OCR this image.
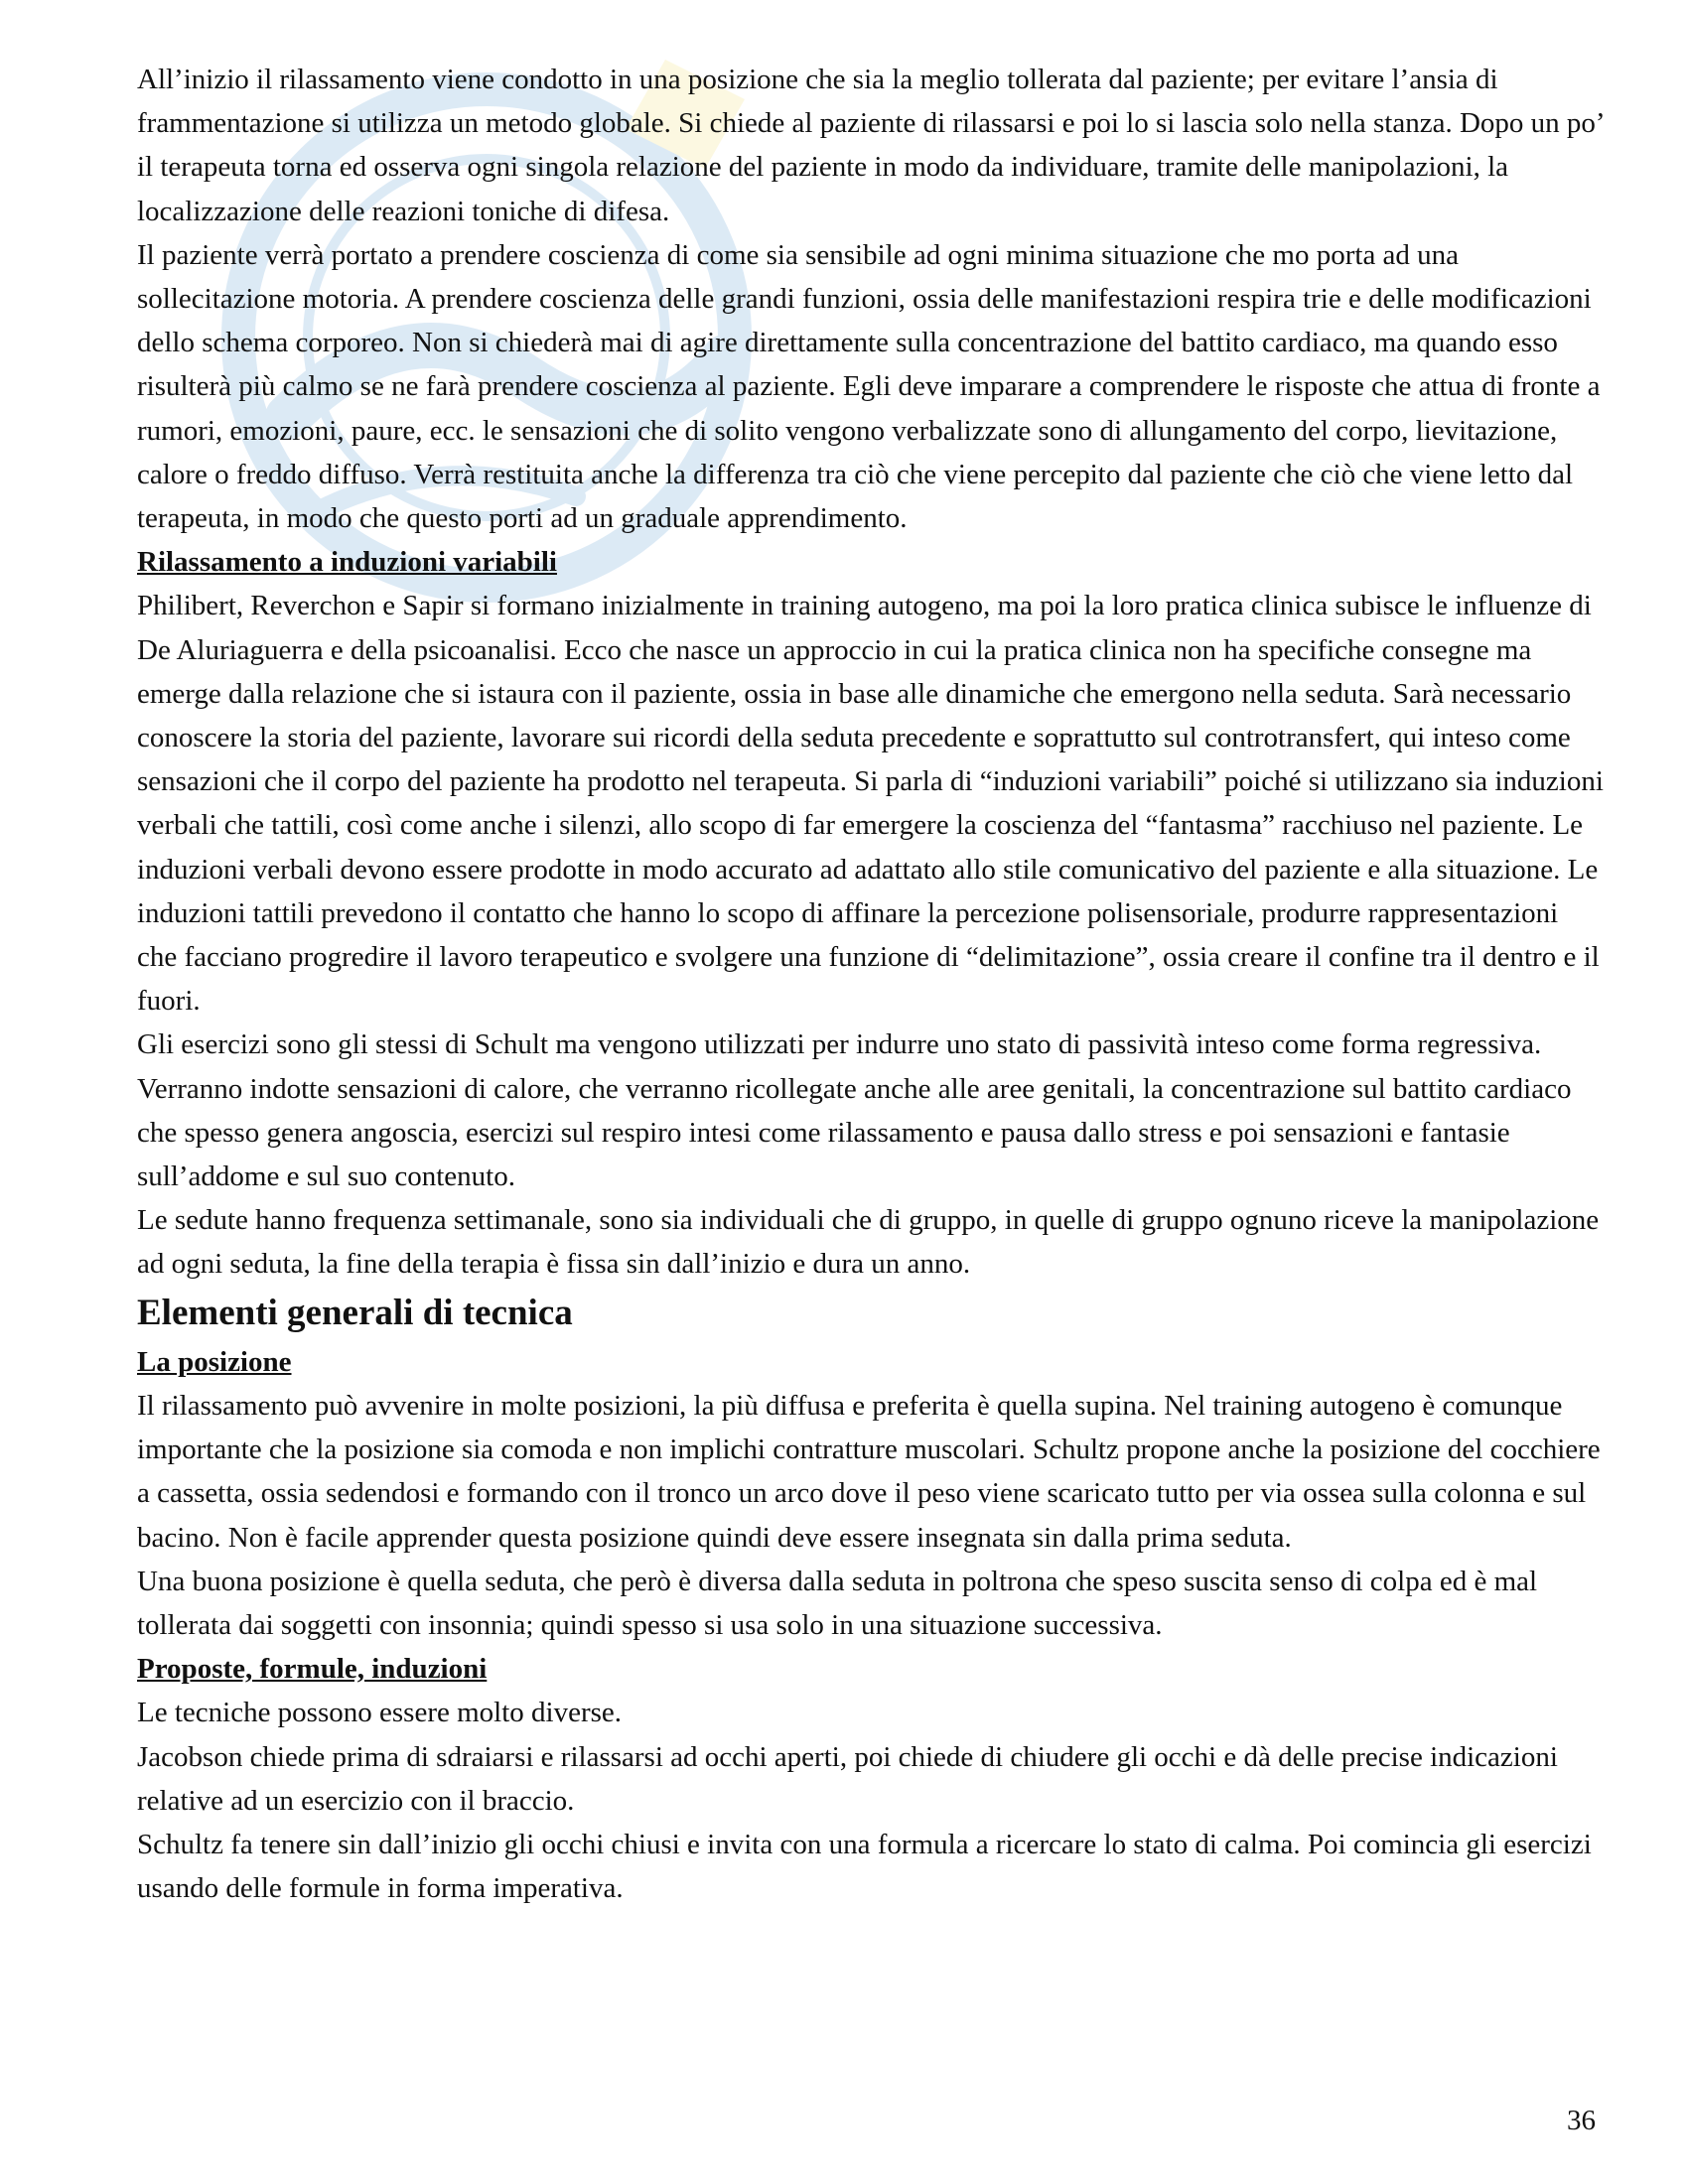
All’inizio il rilassamento viene condotto in una posizione che sia la meglio tollerata dal paziente; per evitare l’ansia di frammentazione si utilizza un metodo globale. Si chiede al paziente di rilassarsi e poi lo si lascia solo nella stanza. Dopo un po’ il terapeuta torna ed osserva ogni singola relazione del paziente in modo da individuare, tramite delle manipolazioni, la localizzazione delle reazioni toniche di difesa.

Il paziente verrà portato a prendere coscienza di come sia sensibile ad ogni minima situazione che mo porta ad una sollecitazione motoria. A prendere coscienza delle grandi funzioni, ossia delle manifestazioni respira trie e delle modificazioni dello schema corporeo. Non si chiederà mai di agire direttamente sulla concentrazione del battito cardiaco, ma quando esso risulterà più calmo se ne farà prendere coscienza al paziente. Egli deve imparare a comprendere le risposte che attua di fronte a rumori, emozioni, paure, ecc. le sensazioni che di solito vengono verbalizzate sono di allungamento del corpo, lievitazione, calore o freddo diffuso. Verrà restituita anche la differenza tra ciò che viene percepito dal paziente che ciò che viene letto dal terapeuta, in modo che questo porti ad un graduale apprendimento.

Rilassamento a induzioni variabili

Philibert, Reverchon e Sapir si formano inizialmente in training autogeno, ma poi la loro pratica clinica subisce le influenze di De Aluriaguerra e della psicoanalisi. Ecco che nasce un approccio in cui la pratica clinica non ha specifiche consegne ma emerge dalla relazione che si istaura con il paziente, ossia in base alle dinamiche che emergono nella seduta. Sarà necessario conoscere la storia del paziente, lavorare sui ricordi della seduta precedente e soprattutto sul controtransfert, qui inteso come sensazioni che il corpo del paziente ha prodotto nel terapeuta. Si parla di “induzioni variabili” poiché si utilizzano sia induzioni verbali che tattili, così come anche i silenzi, allo scopo di far emergere la coscienza del “fantasma” racchiuso nel paziente. Le induzioni verbali devono essere prodotte in modo accurato ad adattato allo stile comunicativo del paziente e alla situazione. Le induzioni tattili prevedono il contatto che hanno lo scopo di affinare la percezione polisensoriale, produrre rappresentazioni che facciano progredire il lavoro terapeutico e svolgere una funzione di “delimitazione”, ossia creare il confine tra il dentro e il fuori.

Gli esercizi sono gli stessi di Schult ma vengono utilizzati per indurre uno stato di passività inteso come forma regressiva. Verranno indotte sensazioni di calore, che verranno ricollegate anche alle aree genitali, la concentrazione sul battito cardiaco che spesso genera angoscia, esercizi sul respiro intesi come rilassamento e pausa dallo stress e poi sensazioni e fantasie sull’addome e sul suo contenuto.

Le sedute hanno frequenza settimanale, sono sia individuali che di gruppo, in quelle di gruppo ognuno riceve la manipolazione ad ogni seduta, la fine della terapia è fissa sin dall’inizio e dura un anno.

Elementi generali di tecnica

La posizione

Il rilassamento può avvenire in molte posizioni, la più diffusa e preferita è quella supina. Nel training autogeno è comunque importante che la posizione sia comoda e non implichi contratture muscolari. Schultz propone anche la posizione del cocchiere a cassetta, ossia sedendosi e formando con il tronco un arco dove il peso viene scaricato tutto per via ossea sulla colonna e sul bacino. Non è facile apprender questa posizione quindi deve essere insegnata sin dalla prima seduta.

Una buona posizione è quella seduta, che però è diversa dalla seduta in poltrona che speso suscita senso di colpa ed è mal tollerata dai soggetti con insonnia; quindi spesso si usa solo in una situazione successiva.

Proposte, formule, induzioni

Le tecniche possono essere molto diverse.

Jacobson chiede prima di sdraiarsi e rilassarsi ad occhi aperti, poi chiede di chiudere gli occhi e dà delle precise indicazioni relative ad un esercizio con il braccio.

Schultz fa tenere sin dall’inizio gli occhi chiusi e invita con una formula a ricercare lo stato di calma. Poi comincia gli esercizi usando delle formule in forma imperativa.

36
